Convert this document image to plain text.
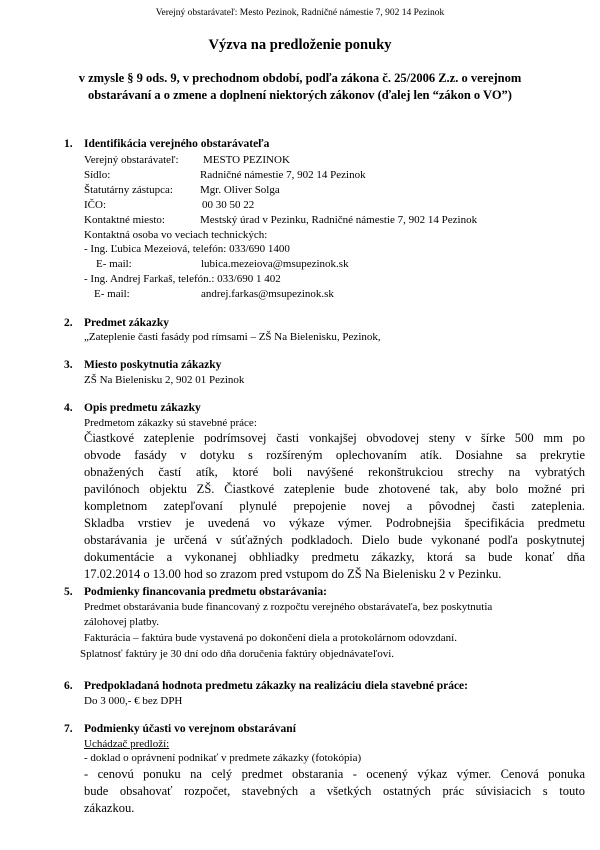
Verejný obstarávateľ: Mesto Pezinok, Radničné námestie 7, 902 14 Pezinok
Výzva na predloženie ponuky
v zmysle § 9 ods. 9, v prechodnom období, podľa zákona č. 25/2006 Z.z. o verejnom
obstarávaní a o zmene a doplnení niektorých zákonov (ďalej len “zákon o VO”)
1. Identifikácia verejného obstarávateľa
Verejný obstarávateľ: MESTO PEZINOK
Sídlo:	Radničné námestie 7, 902 14 Pezinok
Štatutárny zástupca: Mgr. Oliver Solga
IČO:	00 30 50 22
Kontaktné miesto:	Mestský úrad v Pezinku, Radničné námestie 7, 902 14 Pezinok
Kontaktná osoba vo veciach technických:
- Ing. Ľubica Mezeiová, telefón: 033/690 1400
E- mail:	lubica.mezeiova@msupezinok.sk
- Ing. Andrej Farkaš, telefón.: 033/690 1 402
E- mail:	andrej.farkas@msupezinok.sk
2. Predmet zákazky
„Zateplenie časti fasády pod rímsami – ZŠ Na Bielenisku, Pezinok,
3. Miesto poskytnutia zákazky
ZŠ Na Bielenisku 2, 902 01 Pezinok
4. Opis predmetu zákazky
Predmetom zákazky sú stavebné práce:
Čiastkové zateplenie podrímsovej časti vonkajšej obvodovej steny v šírke 500 mm po
obvode fasády v dotyku s rozšíreným oplechovaním atík. Dosiahne sa prekrytie
obnažených častí atík, ktoré boli navýšené rekonštrukciou strechy na vybratých
pavilónoch objektu ZŠ. Čiastkové zateplenie bude zhotovené tak, aby bolo možné pri
kompletnom zatepľovaní plynulé prepojenie novej a pôvodnej časti zateplenia.
Skladba vrstiev je uvedená vo výkaze výmer. Podrobnejšia špecifikácia predmetu
obstarávania je určená v súťažných podkladoch. Dielo bude vykonané podľa poskytnutej
dokumentácie a vykonanej obhliadky predmetu zákazky, ktorá sa bude konať dňa
17.02.2014 o 13.00 hod so zrazom pred vstupom do ZŠ Na Bielenisku 2 v Pezinku.
5. Podmienky financovania predmetu obstarávania:
Predmet obstarávania bude financovaný z rozpočtu verejného obstarávateľa, bez poskytnutia
zálohovej platby.
Fakturácia – faktúra bude vystavená po dokončení diela a protokolárnom odovzdaní.
Splatnosť faktúry je 30 dní odo dňa doručenia faktúry objednávateľovi.
6. Predpokladaná hodnota predmetu zákazky na realizáciu diela stavebné práce:
Do 3 000,- € bez DPH
7. Podmienky účasti vo verejnom obstarávaní
Uchádzač predloží:
- doklad o oprávnení podnikať v predmete zákazky (fotokópia)
- cenovú ponuku na celý predmet obstarania - ocenený výkaz výmer. Cenová ponuka
bude obsahovať rozpočet, stavebných a všetkých ostatných prác súvisiacich s touto
zákazkou.
